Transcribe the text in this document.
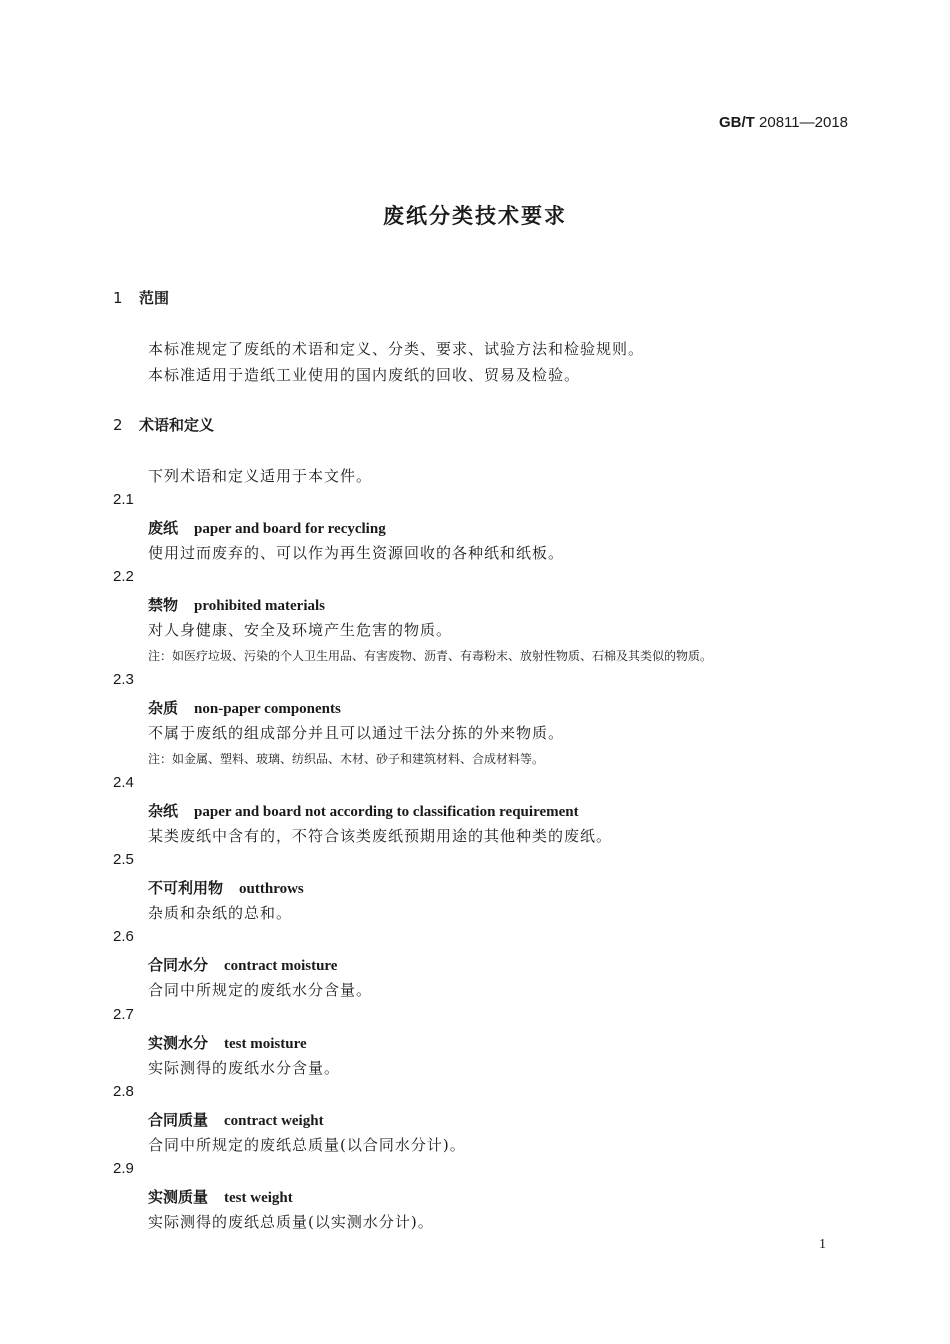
GB/T 20811—2018
废纸分类技术要求
1 范围
本标准规定了废纸的术语和定义、分类、要求、试验方法和检验规则。
本标准适用于造纸工业使用的国内废纸的回收、贸易及检验。
2 术语和定义
下列术语和定义适用于本文件。
2.1
废纸 paper and board for recycling
使用过而废弃的、可以作为再生资源回收的各种纸和纸板。
2.2
禁物 prohibited materials
对人身健康、安全及环境产生危害的物质。
注：如医疗垃圾、污染的个人卫生用品、有害废物、沥青、有毒粉末、放射性物质、石棉及其类似的物质。
2.3
杂质 non-paper components
不属于废纸的组成部分并且可以通过干法分拣的外来物质。
注：如金属、塑料、玻璃、纺织品、木材、砂子和建筑材料、合成材料等。
2.4
杂纸 paper and board not according to classification requirement
某类废纸中含有的，不符合该类废纸预期用途的其他种类的废纸。
2.5
不可利用物 outthrows
杂质和杂纸的总和。
2.6
合同水分 contract moisture
合同中所规定的废纸水分含量。
2.7
实测水分 test moisture
实际测得的废纸水分含量。
2.8
合同质量 contract weight
合同中所规定的废纸总质量(以合同水分计)。
2.9
实测质量 test weight
实际测得的废纸总质量(以实测水分计)。
1
